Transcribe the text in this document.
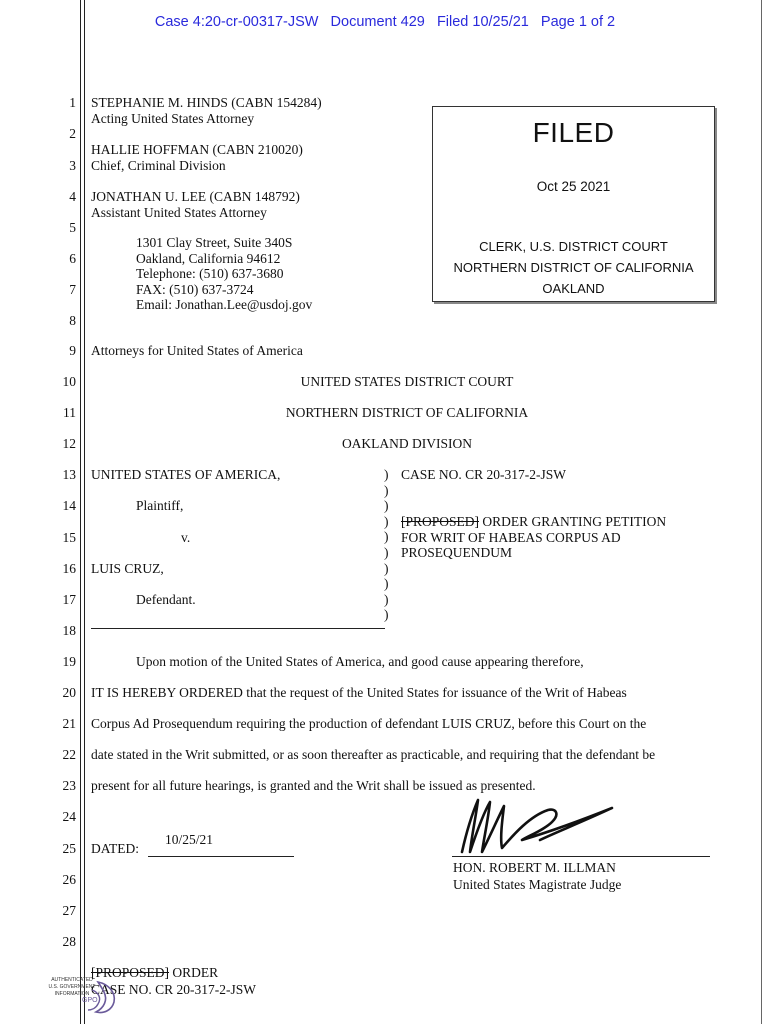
Case 4:20-cr-00317-JSW   Document 429   Filed 10/25/21   Page 1 of 2
1
2
3
4
5
6
7
8
9
10
11
12
13
14
15
16
17
18
19
20
21
22
23
24
25
26
27
28
STEPHANIE M. HINDS (CABN 154284)
Acting United States Attorney
HALLIE HOFFMAN (CABN 210020)
Chief, Criminal Division
JONATHAN U. LEE (CABN 148792)
Assistant United States Attorney
1301 Clay Street, Suite 340S
Oakland, California 94612
Telephone: (510) 637-3680
FAX: (510) 637-3724
Email: Jonathan.Lee@usdoj.gov
Attorneys for United States of America
FILED
Oct 25 2021
CLERK, U.S. DISTRICT COURT
NORTHERN DISTRICT OF CALIFORNIA
OAKLAND
UNITED STATES DISTRICT COURT
NORTHERN DISTRICT OF CALIFORNIA
OAKLAND DIVISION
UNITED STATES OF AMERICA,
Plaintiff,
v.
LUIS CRUZ,
Defendant.
)
)
)
)
)
)
)
)
)
)
CASE NO. CR 20-317-2-JSW
[PROPOSED] ORDER GRANTING PETITION
FOR WRIT OF HABEAS CORPUS AD
PROSEQUENDUM
Upon motion of the United States of America, and good cause appearing therefore,
IT IS HEREBY ORDERED that the request of the United States for issuance of the Writ of Habeas
Corpus Ad Prosequendum requiring the production of defendant LUIS CRUZ, before this Court on the
date stated in the Writ submitted, or as soon thereafter as practicable, and requiring that the defendant be
present for all future hearings, is granted and the Writ shall be issued as presented.
DATED:
10/25/21
HON. ROBERT M. ILLMAN
United States Magistrate Judge
[PROPOSED] ORDER
CASE NO. CR 20-317-2-JSW
AUTHENTICATED
U.S. GOVERNMENT
INFORMATION
GPO
